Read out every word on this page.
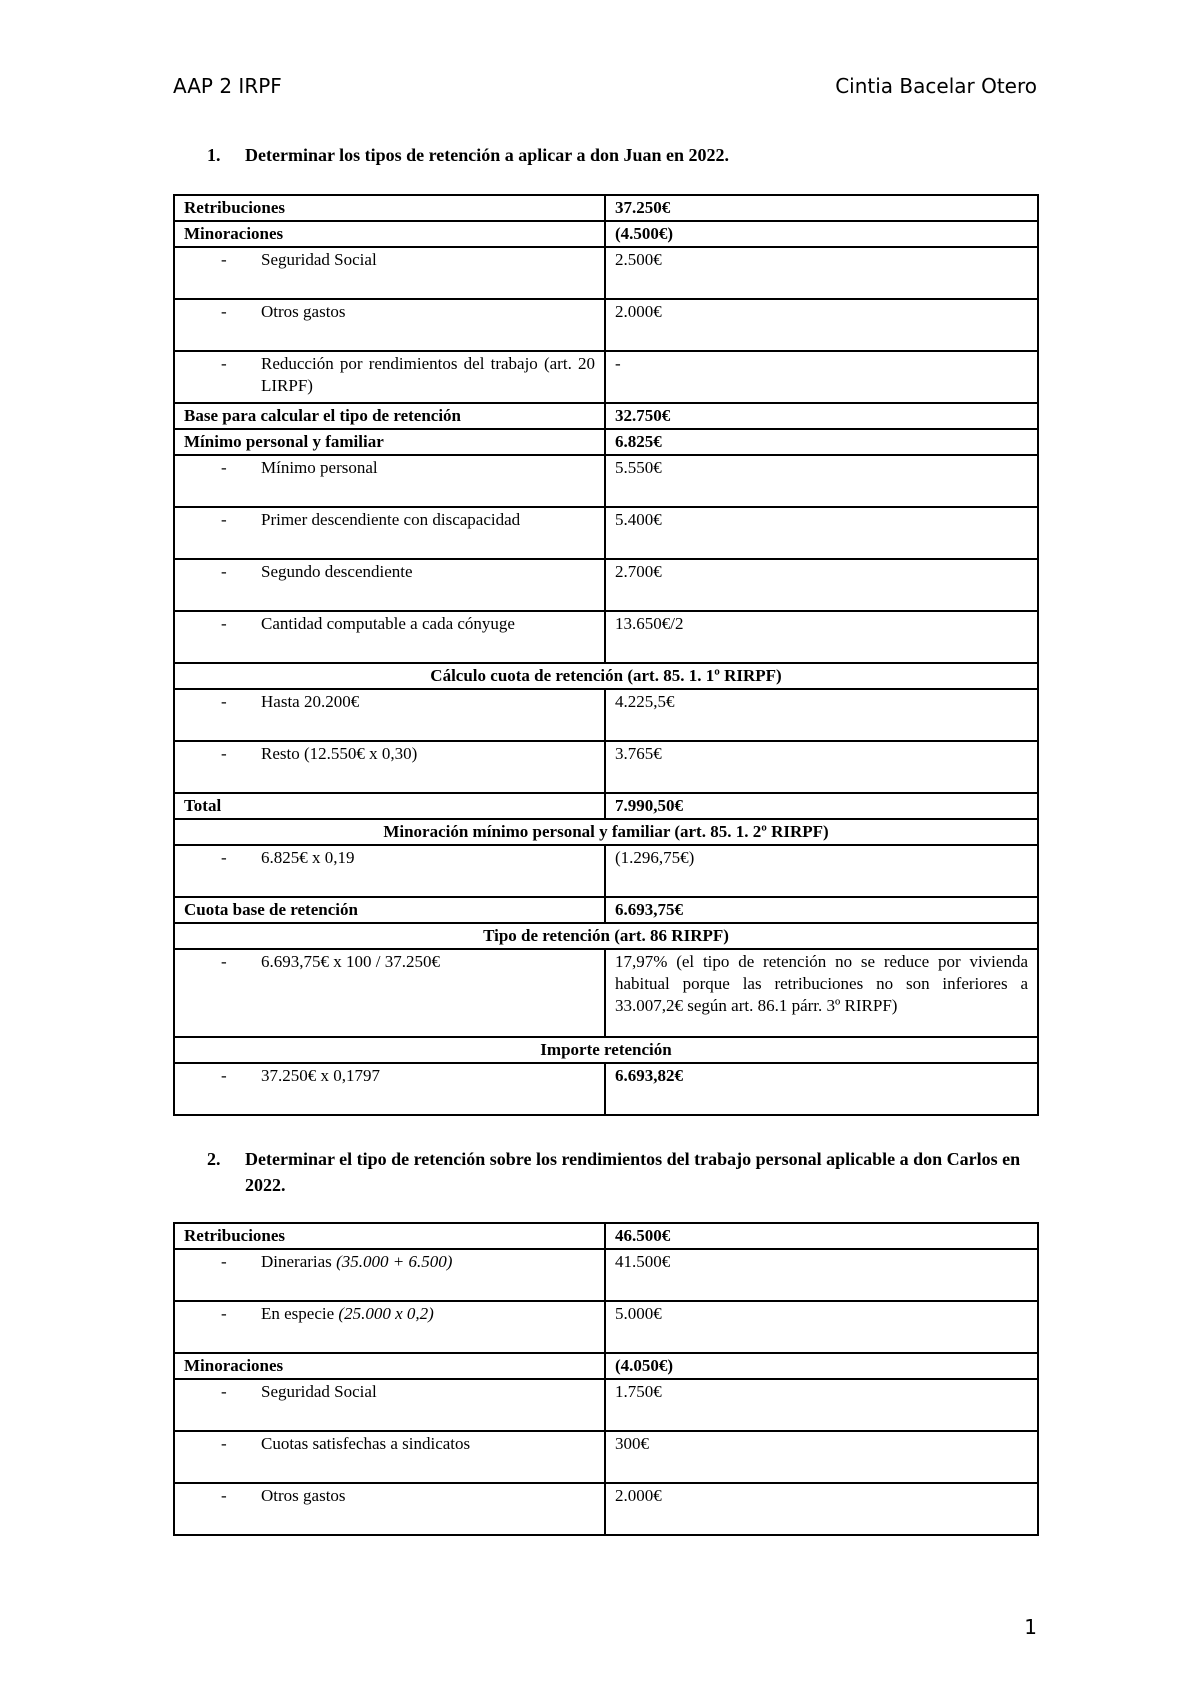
AAP 2 IRPF	Cintia Bacelar Otero
1. Determinar los tipos de retención a aplicar a don Juan en 2022.
Retribuciones	37.250€
Minoraciones	(4.500€)

- Seguridad Social	2.500€

- Otros gastos	2.000€

- Reducción por rendimientos del trabajo (art. 20 LIRPF)	-
Base para calcular el tipo de retención	32.750€
Mínimo personal y familiar	6.825€

- Mínimo personal	5.550€

- Primer descendiente con discapacidad	5.400€

- Segundo descendiente	2.700€

- Cantidad computable a cada cónyuge	13.650€/2
Cálculo cuota de retención (art. 85. 1. 1º RIRPF)	

- Hasta 20.200€	4.225,5€

- Resto (12.550€ x 0,30)	3.765€
Total	7.990,50€
Minoración mínimo personal y familiar (art. 85. 1. 2º RIRPF)	

- 6.825€ x 0,19	(1.296,75€)
Cuota base de retención	6.693,75€
Tipo de retención (art. 86 RIRPF)	

- 6.693,75€ x 100 / 37.250€	17,97% (el tipo de retención no se reduce por vivienda habitual porque las retribuciones no son inferiores a 33.007,2€ según art. 86.1 párr. 3º RIRPF)
Importe retención	

- 37.250€ x 0,1797	6.693,82€
2. Determinar el tipo de retención sobre los rendimientos del trabajo personal aplicable a don Carlos en 2022.
Retribuciones	46.500€

- Dinerarias (35.000 + 6.500)	41.500€

- En especie (25.000 x 0,2)	5.000€
Minoraciones	(4.050€)

- Seguridad Social	1.750€

- Cuotas satisfechas a sindicatos	300€

- Otros gastos	2.000€
1
